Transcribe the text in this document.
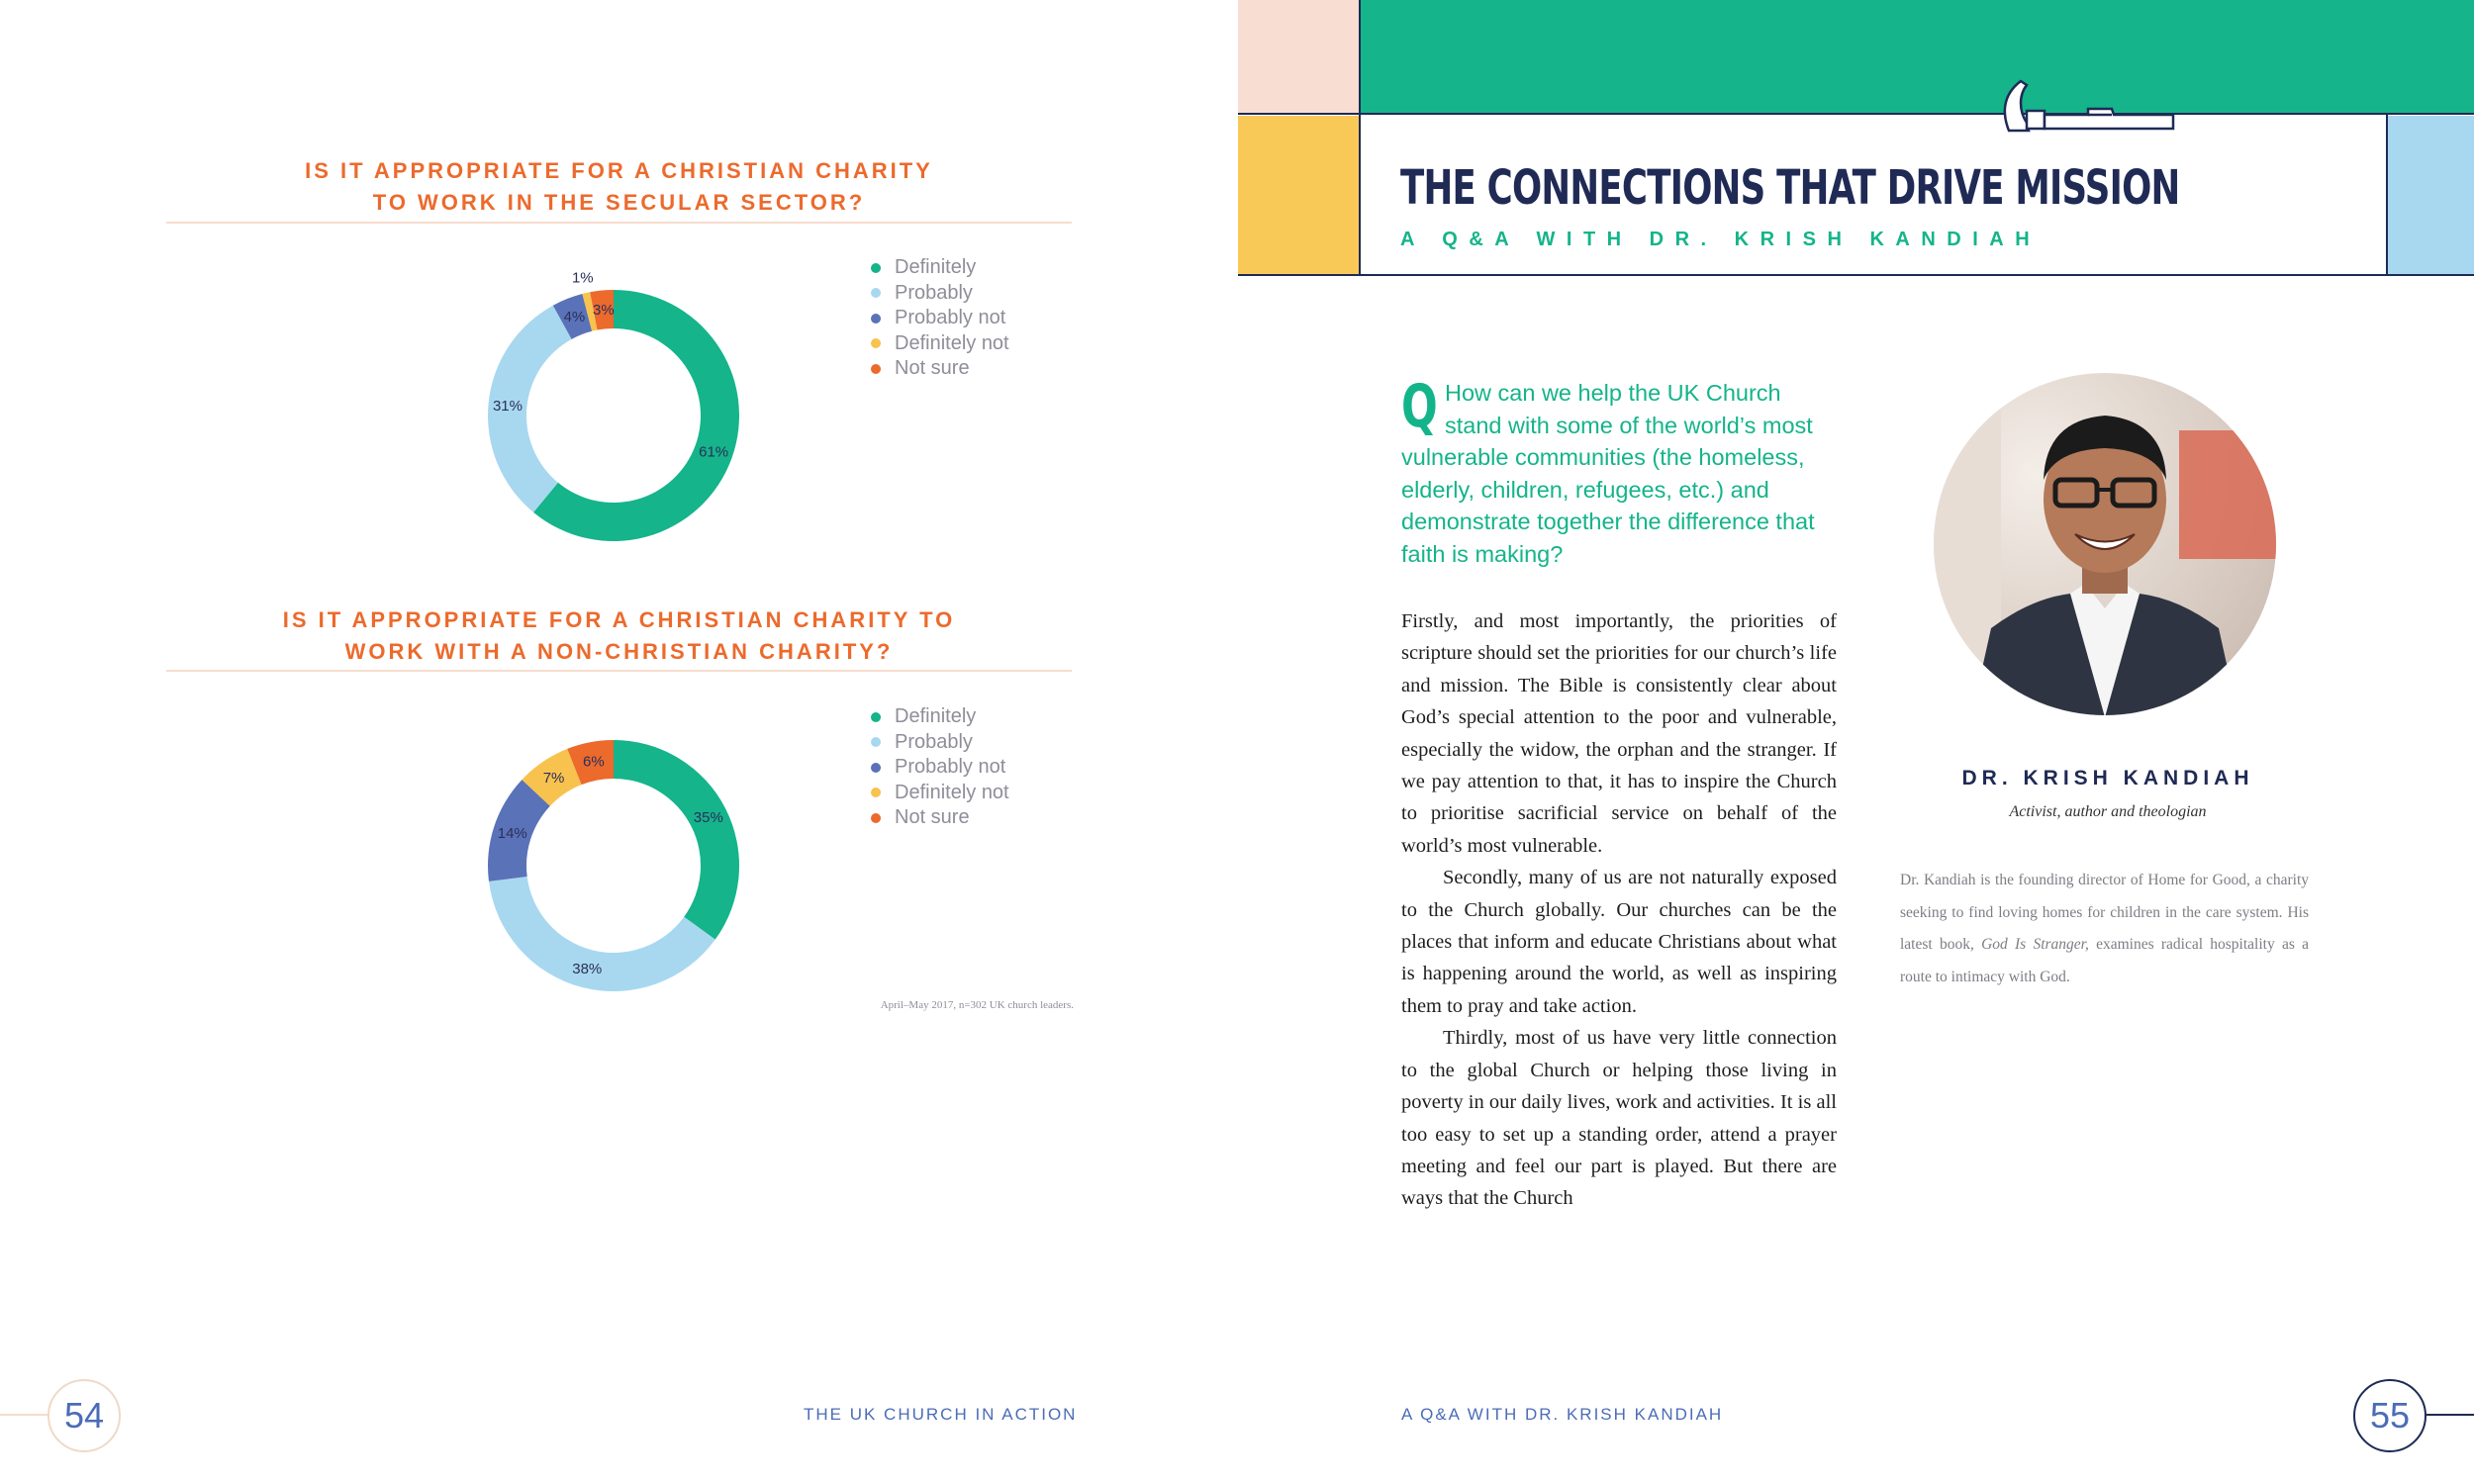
IS IT APPROPRIATE FOR A CHRISTIAN CHARITY
TO WORK IN THE SECULAR SECTOR?
61%
31%
4%
1%
3%
Definitely
Probably
Probably not
Definitely not
Not sure
IS IT APPROPRIATE FOR A CHRISTIAN CHARITY TO
WORK WITH A NON-CHRISTIAN CHARITY?
35%
38%
14%
7%
6%
Definitely
Probably
Probably not
Definitely not
Not sure
April–May 2017, n=302 UK church leaders.
54	THE UK CHURCH IN ACTION
THE CONNECTIONS THAT DRIVE MISSION
A Q&A WITH DR. KRISH KANDIAH
Q How can we help the UK Church stand with some of the world’s most vulnerable communities (the homeless, elderly, children, refugees, etc.) and demonstrate together the difference that faith is making?

Firstly, and most importantly, the priorities of scripture should set the priorities for our church’s life and mission. The Bible is consistently clear about God’s special attention to the poor and vulnerable, especially the widow, the orphan and the stranger. If we pay attention to that, it has to inspire the Church to prioritise sacrificial service on behalf of the world’s most vulnerable.

Secondly, many of us are not naturally exposed to the Church globally. Our churches can be the places that inform and educate Christians about what is happening around the world, as well as inspiring them to pray and take action.

Thirdly, most of us have very little connection to the global Church or helping those living in poverty in our daily lives, work and activities. It is all too easy to set up a standing order, attend a prayer meeting and feel our part is played. But there are ways that the Church

DR. KRISH KANDIAH
Activist, author and theologian
Dr. Kandiah is the founding director of Home for Good, a charity seeking to find loving homes for children in the care system. His latest book, God Is Stranger, examines radical hospitality as a route to intimacy with God.
A Q&A WITH DR. KRISH KANDIAH	55
